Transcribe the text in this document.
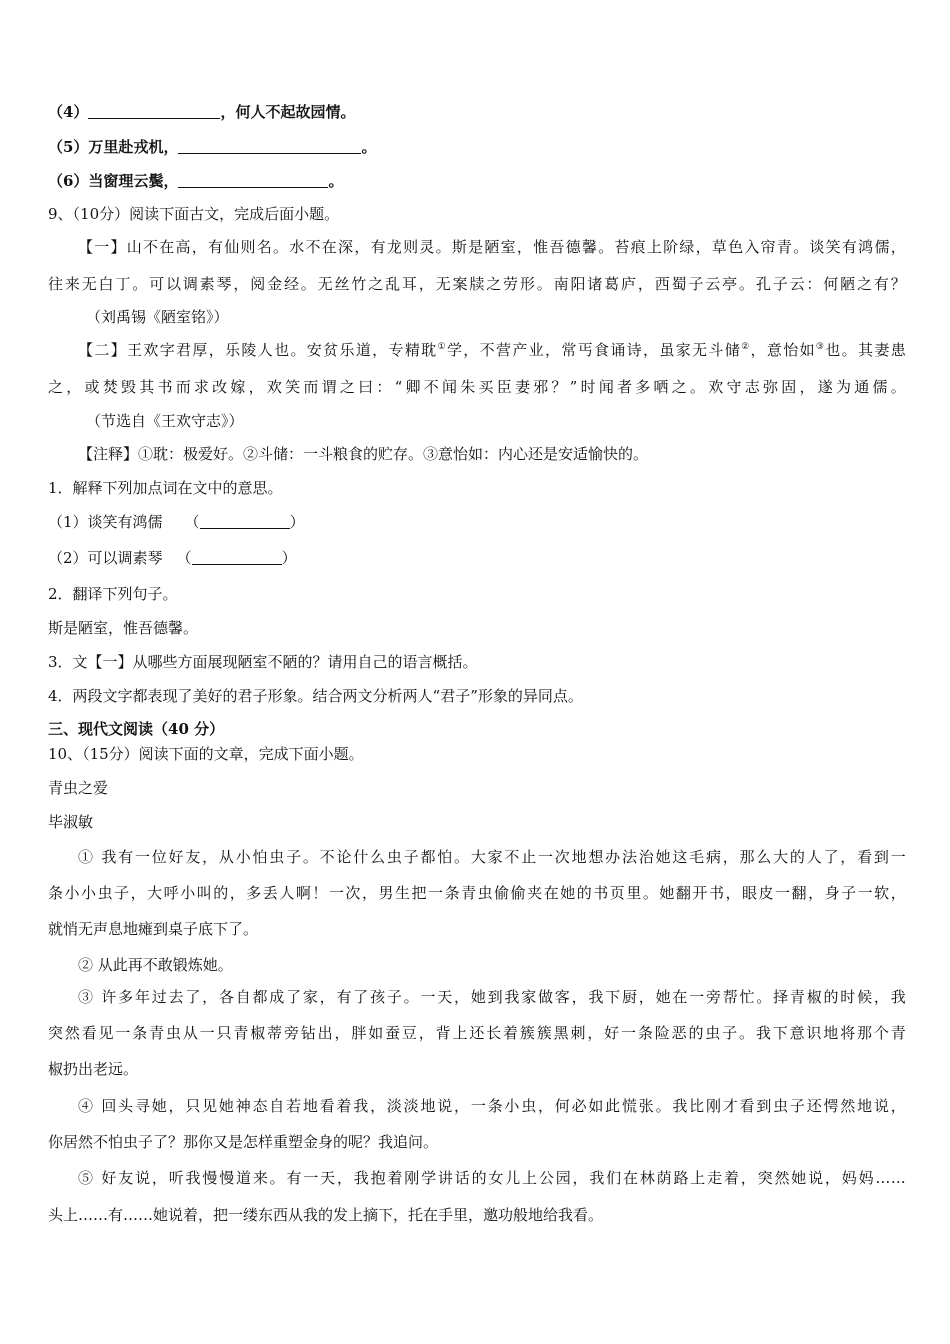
（4）	，何人不起故园情。
（5）万里赴戎机，	。
（6）当窗理云鬓，	。
9、（10分）阅读下面古文，完成后面小题。
【一】山不在高，有仙则名。水不在深，有龙则灵。斯是陋室，惟吾德馨。苔痕上阶绿，草色入帘青。谈笑有鸿儒，
往来无白丁。可以调素琴，阅金经。无丝竹之乱耳，无案牍之劳形。南阳诸葛庐，西蜀子云亭。孔子云：何陋之有？
（刘禹锡《陋室铭》）
【二】王欢字君厚，乐陵人也。安贫乐道，专精耽①学，不营产业，常丐食诵诗，虽家无斗储②，意怡如③也。其妻患
之，或焚毁其书而求改嫁，欢笑而谓之曰：“卿不闻朱买臣妻邪？”时闻者多哂之。欢守志弥固，遂为通儒。
（节选自《王欢守志》）
【注释】①耽：极爱好。②斗储：一斗粮食的贮存。③意怡如：内心还是安适愉快的。
1．解释下列加点词在文中的意思。
（1）谈笑有鸿儒 （	）
（2）可以调素琴 （	）
2．翻译下列句子。
斯是陋室，惟吾德馨。
3．文【一】从哪些方面展现陋室不陋的？请用自己的语言概括。
4．两段文字都表现了美好的君子形象。结合两文分析两人“君子”形象的异同点。
三、现代文阅读（40 分）
10、（15分）阅读下面的文章，完成下面小题。
青虫之爱
毕淑敏
① 我有一位好友，从小怕虫子。不论什么虫子都怕。大家不止一次地想办法治她这毛病，那么大的人了，看到一
条小小虫子，大呼小叫的，多丢人啊！一次，男生把一条青虫偷偷夹在她的书页里。她翻开书，眼皮一翻，身子一软，
就悄无声息地瘫到桌子底下了。
② 从此再不敢锻炼她。
③ 许多年过去了，各自都成了家，有了孩子。一天，她到我家做客，我下厨，她在一旁帮忙。择青椒的时候，我
突然看见一条青虫从一只青椒蒂旁钻出，胖如蚕豆，背上还长着簇簇黑刺，好一条险恶的虫子。我下意识地将那个青
椒扔出老远。
④ 回头寻她，只见她神态自若地看着我，淡淡地说，一条小虫，何必如此慌张。我比刚才看到虫子还愕然地说，
你居然不怕虫子了？那你又是怎样重塑金身的呢？我追问。
⑤ 好友说，听我慢慢道来。有一天，我抱着刚学讲话的女儿上公园，我们在林荫路上走着，突然她说，妈妈……
头上……有……她说着，把一缕东西从我的发上摘下，托在手里，邀功般地给我看。
